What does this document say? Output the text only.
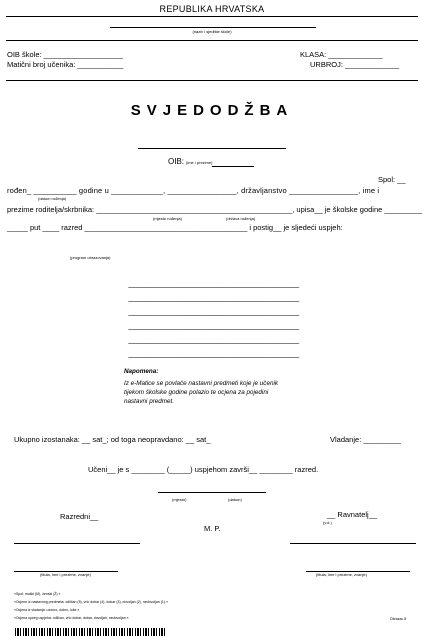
REPUBLIKA HRVATSKA
(naziv i sjedište škole)
OIB škole: ___________________
Matični broj učenika: ___________
KLASA: _____________
URBROJ: _____________
SVJEDODŽBA
OIB: (ime i prezime)
Spol: __
rođen_ __________ godine u ____________, ________________, državljanstvo ________________, ime i
(datum rođenja)
prezime roditelja/skrbnika: _______________________________________________, upisa__ je školske godine _________
(mjesto rođenja)	(država rođenja)
_____ put ____ razred _______________________________________ i postig__ je sljedeći uspjeh:
(program obrazovanja)
~~~~~~~~~~~~~~~~~~~~~~~~~~~~~~~~~~~~~~~~~~~~~~~~~
~~~~~~~~~~~~~~~~~~~~~~~~~~~~~~~~~~~~~~~~~~~~~~~~~
~~~~~~~~~~~~~~~~~~~~~~~~~~~~~~~~~~~~~~~~~~~~~~~~~
~~~~~~~~~~~~~~~~~~~~~~~~~~~~~~~~~~~~~~~~~~~~~~~~~
~~~~~~~~~~~~~~~~~~~~~~~~~~~~~~~~~~~~~~~~~~~~~~~~~
~~~~~~~~~~~~~~~~~~~~~~~~~~~~~~~~~~~~~~~~~~~~~~~~~
Napomena:
Iz e-Matice se povlače nastavni predmeti koje je učenik
tijekom školske godine polazio te ocjena za pojedini
nastavni predmet.
Ukupno izostanaka: __ sat_; od toga neopravdano: __ sat_	Vladanje: _________
Učeni__ je s ________ (_____) uspjehom završi__ ________ razred.
(mjesto)	(datum)
Razredni__	__ Ravnatelj__
(v.d.)
M. P.
(titula, ime i prezime, zvanje)	(titula, ime i prezime, zvanje)
»Spol: muški (M), ženski (Ž).«
»Ocjene iz nastavnog predmeta: odličan (5), vrlo dobar (4), dobar (3), dovoljan (2), nedovoljan (1).«
»Ocjena iz vladanja: uzorno, dobro, loše.«
»Ocjena općeg uspjeha: odličan, vrlo dobar, dobar, dovoljan, nedovoljan.«	Obrazac 8
